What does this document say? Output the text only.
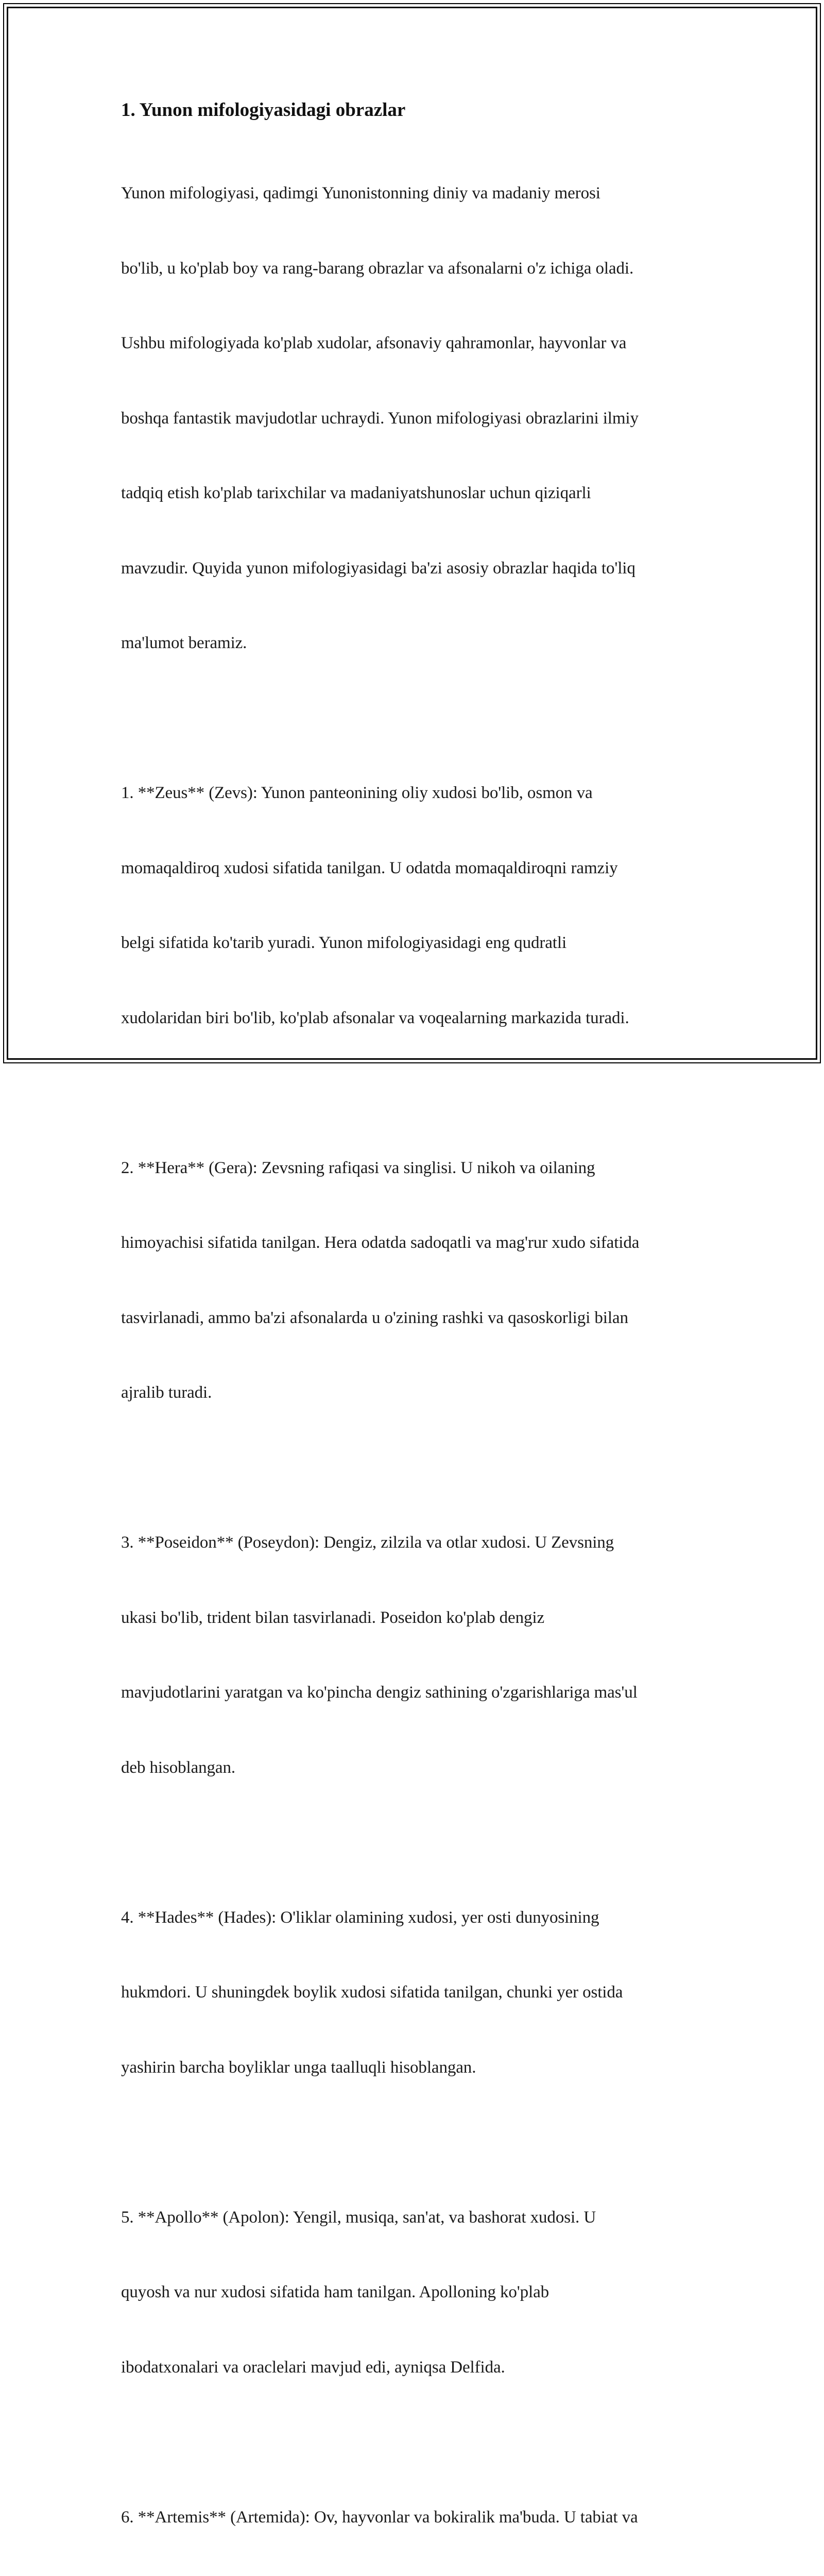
1. Yunon mifologiyasidagi obrazlar

Yunon mifologiyasi, qadimgi Yunonistonning diniy va madaniy merosi

bo'lib, u ko'plab boy va rang-barang obrazlar va afsonalarni o'z ichiga oladi.

Ushbu mifologiyada ko'plab xudolar, afsonaviy qahramonlar, hayvonlar va

boshqa fantastik mavjudotlar uchraydi. Yunon mifologiyasi obrazlarini ilmiy

tadqiq etish ko'plab tarixchilar va madaniyatshunoslar uchun qiziqarli

mavzudir. Quyida yunon mifologiyasidagi ba'zi asosiy obrazlar haqida to'liq

ma'lumot beramiz.

1. **Zeus** (Zevs): Yunon panteonining oliy xudosi bo'lib, osmon va

momaqaldiroq xudosi sifatida tanilgan. U odatda momaqaldiroqni ramziy

belgi sifatida ko'tarib yuradi. Yunon mifologiyasidagi eng qudratli

xudolaridan biri bo'lib, ko'plab afsonalar va voqealarning markazida turadi.

2. **Hera** (Gera): Zevsning rafiqasi va singlisi. U nikoh va oilaning

himoyachisi sifatida tanilgan. Hera odatda sadoqatli va mag'rur xudo sifatida

tasvirlanadi, ammo ba'zi afsonalarda u o'zining rashki va qasoskorligi bilan

ajralib turadi.

3. **Poseidon** (Poseydon): Dengiz, zilzila va otlar xudosi. U Zevsning

ukasi bo'lib, trident bilan tasvirlanadi. Poseidon ko'plab dengiz

mavjudotlarini yaratgan va ko'pincha dengiz sathining o'zgarishlariga mas'ul

deb hisoblangan.

4. **Hades** (Hades): O'liklar olamining xudosi, yer osti dunyosining

hukmdori. U shuningdek boylik xudosi sifatida tanilgan, chunki yer ostida

yashirin barcha boyliklar unga taalluqli hisoblangan.

5. **Apollo** (Apolon): Yengil, musiqa, san'at, va bashorat xudosi. U

quyosh va nur xudosi sifatida ham tanilgan. Apolloning ko'plab

ibodatxonalari va oraclelari mavjud edi, ayniqsa Delfida.

6. **Artemis** (Artemida): Ov, hayvonlar va bokiralik ma'buda. U tabiat va
